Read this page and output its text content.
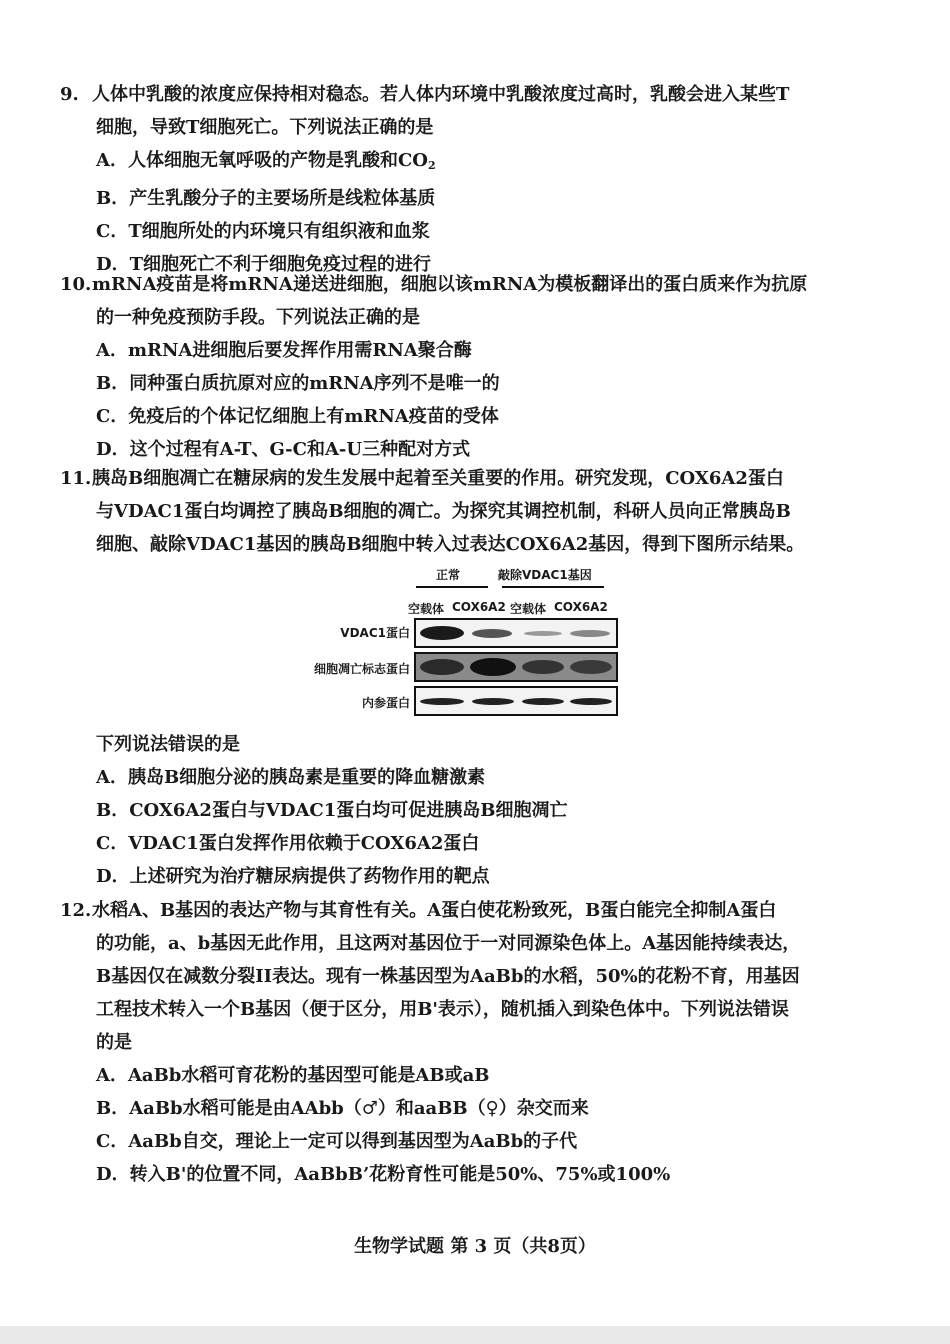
9. 人体中乳酸的浓度应保持相对稳态。若人体内环境中乳酸浓度过高时，乳酸会进入某些T
细胞，导致T细胞死亡。下列说法正确的是
A．人体细胞无氧呼吸的产物是乳酸和$CO_2$
B．产生乳酸分子的主要场所是线粒体基质
C．T细胞所处的内环境只有组织液和血浆
D．T细胞死亡不利于细胞免疫过程的进行
10.mRNA疫苗是将mRNA递送进细胞，细胞以该mRNA为模板翻译出的蛋白质来作为抗原
的一种免疫预防手段。下列说法正确的是
A．mRNA进细胞后要发挥作用需RNA聚合酶
B．同种蛋白质抗原对应的mRNA序列不是唯一的
C．免疫后的个体记忆细胞上有mRNA疫苗的受体
D．这个过程有A-T、G-C和A-U三种配对方式
11.胰岛B细胞凋亡在糖尿病的发生发展中起着至关重要的作用。研究发现，COX6A2蛋白
与VDAC1蛋白均调控了胰岛B细胞的凋亡。为探究其调控机制，科研人员向正常胰岛B
细胞、敲除VDAC1基因的胰岛B细胞中转入过表达COX6A2基因，得到下图所示结果。
正常	敲除VDAC1基因
空载体 COX6A2 空载体 COX6A2
VDAC1蛋白
细胞凋亡标志蛋白
内参蛋白
下列说法错误的是
A．胰岛B细胞分泌的胰岛素是重要的降血糖激素
B．COX6A2蛋白与VDAC1蛋白均可促进胰岛B细胞凋亡
C．VDAC1蛋白发挥作用依赖于COX6A2蛋白
D．上述研究为治疗糖尿病提供了药物作用的靶点
12.水稻A、B基因的表达产物与其育性有关。A蛋白使花粉致死，B蛋白能完全抑制A蛋白
的功能，a、b基因无此作用，且这两对基因位于一对同源染色体上。A基因能持续表达，
B基因仅在减数分裂II表达。现有一株基因型为AaBb的水稻，50%的花粉不育，用基因
工程技术转入一个B基因（便于区分，用B'表示），随机插入到染色体中。下列说法错误
的是
A．AaBb水稻可育花粉的基因型可能是AB或aB
B．AaBb水稻可能是由AAbb（♂）和aaBB（♀）杂交而来
C．AaBb自交，理论上一定可以得到基因型为AaBb的子代
D．转入B'的位置不同，AaBbB’花粉育性可能是50%、75%或100%
生物学试题 第 3 页（共8页）
